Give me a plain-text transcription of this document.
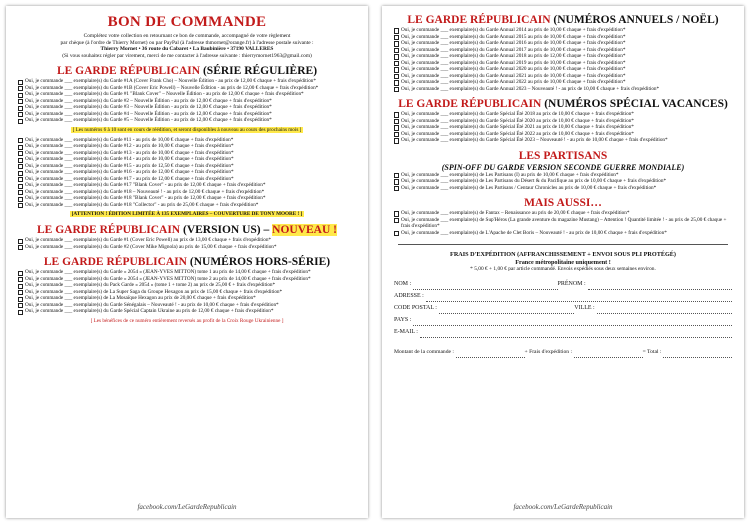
BON DE COMMANDE
Complétez votre collection en retournant ce bon de commande, accompagné de votre règlement
par chèque (à l'ordre de Thierry Mornet) ou par PayPal (à l'adresse thmornet@orange.fr) à l'adresse postale suivante :
Thierry Mornet • 36 route du Cabaret • La Baubinière • 37190 VALLERES
(Si vous souhaitez régler par virement, merci de me contacter à l'adresse suivante : thierrymornet1963@gmail.com)
LE GARDE RÉPUBLICAIN (SÉRIE RÉGULIÈRE)
Oui, je commande ___ exemplaire(s) du Garde #1A (Cover Frank Cho) – Nouvelle Édition - au prix de 12,00 € chaque + frais d'expédition*
Oui, je commande ___ exemplaire(s) du Garde #1B (Cover Eric Powell) – Nouvelle Édition - au prix de 12,00 € chaque + frais d'expédition*
Oui, je commande ___ exemplaire(s) du Garde #1 "Blank Cover" – Nouvelle Édition - au prix de 12,00 € chaque + frais d'expédition*
Oui, je commande ___ exemplaire(s) du Garde #2 – Nouvelle Édition - au prix de 12,00 € chaque + frais d'expédition*
Oui, je commande ___ exemplaire(s) du Garde #3 – Nouvelle Édition - au prix de 12,00 € chaque + frais d'expédition*
Oui, je commande ___ exemplaire(s) du Garde #4 – Nouvelle Édition - au prix de 12,00 € chaque + frais d'expédition*
Oui, je commande ___ exemplaire(s) du Garde #5 – Nouvelle Édition - au prix de 12,00 € chaque + frais d'expédition*
[ Les numéros 6 à 10 sont en cours de réédition, et seront disponibles à nouveau au cours des prochains mois ]
Oui, je commande ___ exemplaire(s) du Garde #11 - au prix de 10,00 € chaque + frais d'expédition*
Oui, je commande ___ exemplaire(s) du Garde #12 - au prix de 10,00 € chaque + frais d'expédition*
Oui, je commande ___ exemplaire(s) du Garde #13 - au prix de 10,00 € chaque + frais d'expédition*
Oui, je commande ___ exemplaire(s) du Garde #14 - au prix de 10,00 € chaque + frais d'expédition*
Oui, je commande ___ exemplaire(s) du Garde #15 - au prix de 12,50 € chaque + frais d'expédition*
Oui, je commande ___ exemplaire(s) du Garde #16 - au prix de 12,00 € chaque + frais d'expédition*
Oui, je commande ___ exemplaire(s) du Garde #17 - au prix de 12,00 € chaque + frais d'expédition*
Oui, je commande ___ exemplaire(s) du Garde #17 "Blank Cover" - au prix de 12,00 € chaque + frais d'expédition*
Oui, je commande ___ exemplaire(s) du Garde #18 – Nouveauté ! - au prix de 12,00 € chaque + frais d'expédition*
Oui, je commande ___ exemplaire(s) du Garde #18 "Blank Cover" - au prix de 12,00 € chaque + frais d'expédition*
Oui, je commande ___ exemplaire(s) du Garde #18 "Collector" - au prix de 25,00 € chaque + frais d'expédition*
[ATTENTION ! ÉDITION LIMITÉE À 135 EXEMPLAIRES – COUVERTURE DE TONY MOORE ! ]
LE GARDE RÉPUBLICAIN (VERSION US) – NOUVEAU !
Oui, je commande ___ exemplaire(s) du Garde #1 (Cover Eric Powell) au prix de 13,00 € chaque + frais d'expédition*
Oui, je commande ___ exemplaire(s) du Garde #2 (Cover Mike Mignola) au prix de 15,00 € chaque + frais d'expédition*
LE GARDE RÉPUBLICAIN (NUMÉROS HORS-SÉRIE)
Oui, je commande ___ exemplaire(s) du Garde « 2054 » (JEAN-YVES MITTON) tome 1 au prix de 14,00 € chaque + frais d'expédition*
Oui, je commande ___ exemplaire(s) du Garde « 2054 » (JEAN-YVES MITTON) tome 2 au prix de 14,00 € chaque + frais d'expédition*
Oui, je commande ___ exemplaire(s) du Pack Garde « 2054 » (tome 1 + tome 2) au prix de 25,00 € + frais d'expédition*
Oui, je commande ___ exemplaire(s) de La Super Saga du Groupe Hexagon au prix de 15,00 € chaque + frais d'expédition*
Oui, je commande ___ exemplaire(s) de La Mosaïque Hexagon au prix de 20,00 € chaque + frais d'expédition*
Oui, je commande ___ exemplaire(s) du Garde Sénégalais – Nouveauté ! - au prix de 10,00 € chaque + frais d'expédition*
Oui, je commande ___ exemplaire(s) du Garde Spécial Captain Ukraine au prix de 12,00 € chaque + frais d'expédition*
[ Les bénéfices de ce numéro entièrement reversés au profit de la Croix Rouge Ukrainienne ]
facebook.com/LeGardeRepublicain
LE GARDE RÉPUBLICAIN (NUMÉROS ANNUELS / NOËL)
Oui, je commande ___ exemplaire(s) du Garde Annual 2014 au prix de 10,00 € chaque + frais d'expédition*
Oui, je commande ___ exemplaire(s) du Garde Annual 2015 au prix de 10,00 € chaque + frais d'expédition*
Oui, je commande ___ exemplaire(s) du Garde Annual 2016 au prix de 10,00 € chaque + frais d'expédition*
Oui, je commande ___ exemplaire(s) du Garde Annual 2017 au prix de 10,00 € chaque + frais d'expédition*
Oui, je commande ___ exemplaire(s) du Garde Annual 2018 au prix de 12,00 € chaque + frais d'expédition*
Oui, je commande ___ exemplaire(s) du Garde Annual 2019 au prix de 10,00 € chaque + frais d'expédition*
Oui, je commande ___ exemplaire(s) du Garde Annual 2020 au prix de 10,00 € chaque + frais d'expédition*
Oui, je commande ___ exemplaire(s) du Garde Annual 2021 au prix de 10,00 € chaque + frais d'expédition*
Oui, je commande ___ exemplaire(s) du Garde Annual 2022 au prix de 10,00 € chaque + frais d'expédition*
Oui, je commande ___ exemplaire(s) du Garde Annual 2023 – Nouveauté ! - au prix de 10,00 € chaque + frais d'expédition*
LE GARDE RÉPUBLICAIN (NUMÉROS SPÉCIAL VACANCES)
Oui, je commande ___ exemplaire(s) du Garde Spécial Été 2018 au prix de 10,00 € chaque + frais d'expédition*
Oui, je commande ___ exemplaire(s) du Garde Spécial Été 2020 au prix de 10,00 € chaque + frais d'expédition*
Oui, je commande ___ exemplaire(s) du Garde Spécial Été 2021 au prix de 10,00 € chaque + frais d'expédition*
Oui, je commande ___ exemplaire(s) du Garde Spécial Été 2022 au prix de 10,00 € chaque + frais d'expédition*
Oui, je commande ___ exemplaire(s) du Garde Spécial Été 2023 – Nouveauté ! - au prix de 10,00 € chaque + frais d'expédition*
LES PARTISANS
(SPIN-OFF DU GARDE VERSION SECONDE GUERRE MONDIALE)
Oui, je commande ___ exemplaire(s) de Les Partisans (I) au prix de 10,00 € chaque + frais d'expédition*
Oui, je commande ___ exemplaire(s) de Les Partisans du Désert & du Pacifique au prix de 10,00 € chaque + frais d'expédition*
Oui, je commande ___ exemplaire(s) de Les Partisans / Centaur Chronicles au prix de 10,00 € chaque + frais d'expédition*
MAIS AUSSI…
Oui, je commande ___ exemplaire(s) de Fantax – Renaissance au prix de 20,00 € chaque + frais d'expédition*
Oui, je commande ___ exemplaire(s) de Sup'Héros (La grande aventure du magazine Mustang) – Attention ! Quantité limitée ! - au prix de 25,00 € chaque + frais d'expédition*
Oui, je commande ___ exemplaire(s) de L'Apache de Clet Boris – Nouveauté ! - au prix de 10,00 € chaque + frais d'expédition*
FRAIS D'EXPÉDITION (AFFRANCHISSEMENT + ENVOI SOUS PLI PROTÉGÉ)
France métropolitaine uniquement !
* 5,00 € + 1,00 € par article commandé. Envois expédiés sous deux semaines environ.
NOM :	PRÉNOM :
ADRESSE :
CODE POSTAL :	VILLE :
PAYS :
E-MAIL :
Montant de la commande :	+ Frais d'expédition :	= Total :
facebook.com/LeGardeRepublicain
